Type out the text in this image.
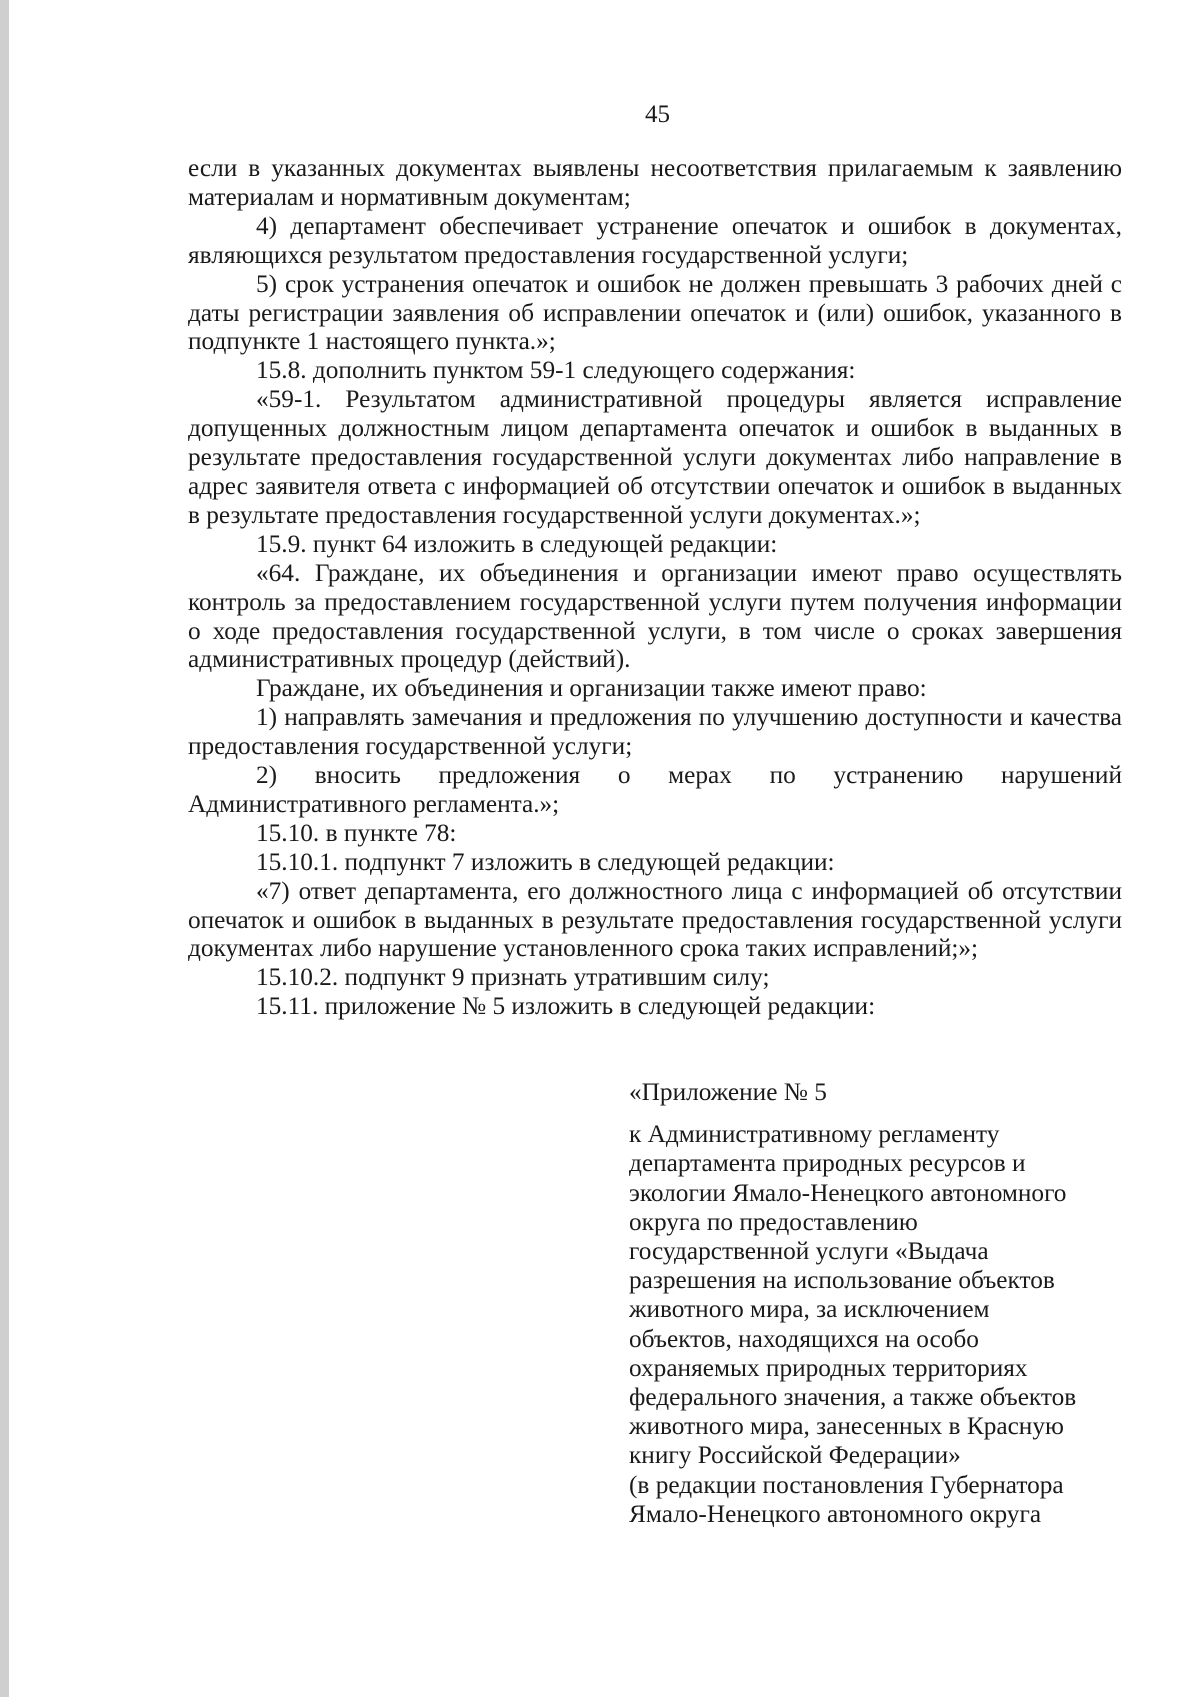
45

если в указанных документах выявлены несоответствия прилагаемым к заявлению материалам и нормативным документам;

4) департамент обеспечивает устранение опечаток и ошибок в документах, являющихся результатом предоставления государственной услуги;

5) срок устранения опечаток и ошибок не должен превышать 3 рабочих дней с даты регистрации заявления об исправлении опечаток и (или) ошибок, указанного в подпункте 1 настоящего пункта.»;

15.8. дополнить пунктом 59-1 следующего содержания:

«59-1. Результатом административной процедуры является исправление допущенных должностным лицом департамента опечаток и ошибок в выданных в результате предоставления государственной услуги документах либо направление в адрес заявителя ответа с информацией об отсутствии опечаток и ошибок в выданных в результате предоставления государственной услуги документах.»;

15.9. пункт 64 изложить в следующей редакции:

«64. Граждане, их объединения и организации имеют право осуществлять контроль за предоставлением государственной услуги путем получения информации о ходе предоставления государственной услуги, в том числе о сроках завершения административных процедур (действий).

Граждане, их объединения и организации также имеют право:

1) направлять замечания и предложения по улучшению доступности и качества предоставления государственной услуги;

2) вносить предложения о мерах по устранению нарушений Административного регламента.»;

15.10. в пункте 78:

15.10.1. подпункт 7 изложить в следующей редакции:

«7) ответ департамента, его должностного лица с информацией об отсутствии опечаток и ошибок в выданных в результате предоставления государственной услуги документах либо нарушение установленного срока таких исправлений;»;

15.10.2. подпункт 9 признать утратившим силу;

15.11. приложение № 5 изложить в следующей редакции:

«Приложение № 5

к Административному регламенту

департамента природных ресурсов и

экологии Ямало-Ненецкого автономного

округа по предоставлению

государственной услуги «Выдача

разрешения на использование объектов

животного мира, за исключением

объектов, находящихся на особо

охраняемых природных территориях

федерального значения, а также объектов

животного мира, занесенных в Красную

книгу Российской Федерации»

(в редакции постановления Губернатора

Ямало-Ненецкого автономного округа
